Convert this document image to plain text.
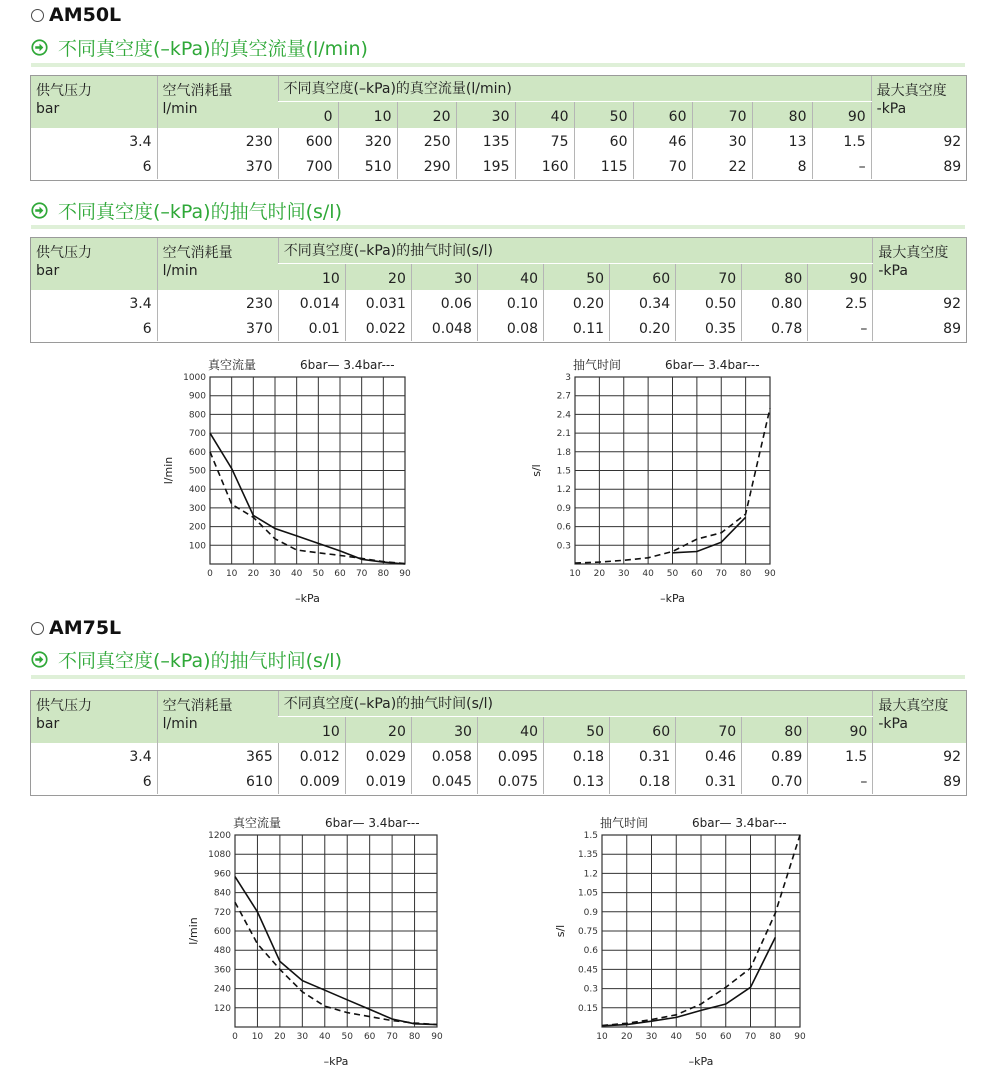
AM50L
不同真空度(–kPa)的真空流量(l/min)
供气压力
bar	空气消耗量
l/min	不同真空度(–kPa)的真空流量(l/min)										最大真空度
-kPa
		0	10	20	30	40	50	60	70	80	90	
3.4	230	600	320	250	135	75	60	46	30	13	1.5	92
6	370	700	510	290	195	160	115	70	22	8	–	89
不同真空度(–kPa)的抽气时间(s/l)
供气压力
bar	空气消耗量
l/min	不同真空度(–kPa)的抽气时间(s/l)									最大真空度
-kPa
		10	20	30	40	50	60	70	80	90	
3.4	230	0.014	0.031	0.06	0.10	0.20	0.34	0.50	0.80	2.5	92
6	370	0.01	0.022	0.048	0.08	0.11	0.20	0.35	0.78	–	89
0 10 20 30 40 50 60 70 80 90
100
200
300
400
500
600
700
800
900
1000
真空流量	6bar— 3.4bar---
–kPa
l/min
10 20 30 40 50 60 70 80 90
0.3
0.6
0.9
1.2
1.5
1.8
2.1
2.4
2.7
3
抽气时间	6bar— 3.4bar---
–kPa
s/l
AM75L
不同真空度(–kPa)的抽气时间(s/l)
供气压力
bar	空气消耗量
l/min	不同真空度(–kPa)的抽气时间(s/l)									最大真空度
-kPa
		10	20	30	40	50	60	70	80	90	
3.4	365	0.012	0.029	0.058	0.095	0.18	0.31	0.46	0.89	1.5	92
6	610	0.009	0.019	0.045	0.075	0.13	0.18	0.31	0.70	–	89
0 10 20 30 40 50 60 70 80 90
120
240
360
480
600
720
840
960
1080
1200
真空流量	6bar— 3.4bar---
–kPa
l/min
10 20 30 40 50 60 70 80 90
0.15
0.3
0.45
0.6
0.75
0.9
1.05
1.2
1.35
1.5
抽气时间	6bar— 3.4bar---
–kPa
s/l
